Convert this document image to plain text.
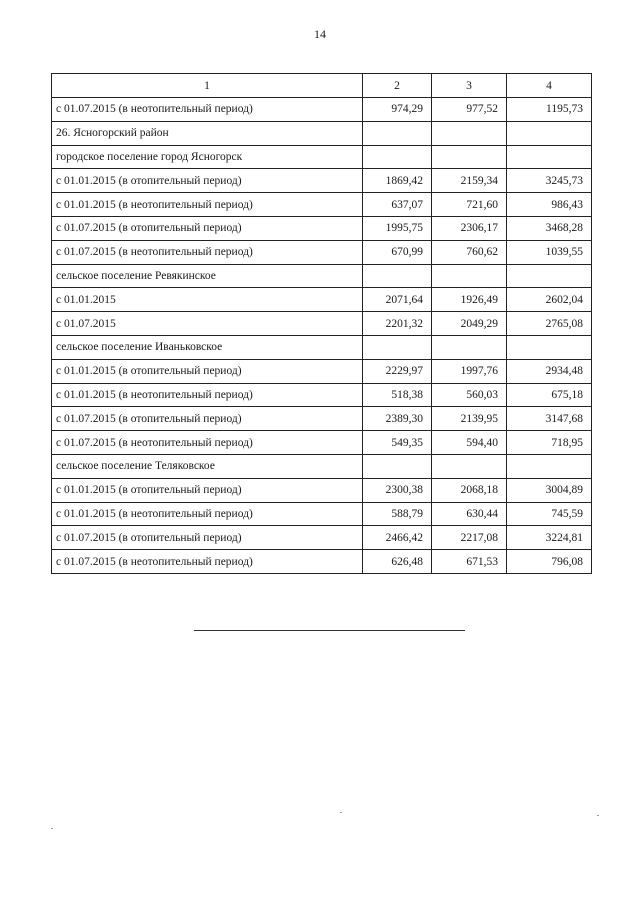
14
1	2	3	4
с 01.07.2015 (в неотопительный период)	974,29	977,52	1195,73
26. Ясногорский район			
городское поселение город Ясногорск			
с 01.01.2015 (в отопительный период)	1869,42	2159,34	3245,73
с 01.01.2015 (в неотопительный период)	637,07	721,60	986,43
с 01.07.2015 (в отопительный период)	1995,75	2306,17	3468,28
с 01.07.2015 (в неотопительный период)	670,99	760,62	1039,55
сельское поселение Ревякинское			
с 01.01.2015	2071,64	1926,49	2602,04
с 01.07.2015	2201,32	2049,29	2765,08
сельское поселение Иваньковское			
с 01.01.2015 (в отопительный период)	2229,97	1997,76	2934,48
с 01.01.2015 (в неотопительный период)	518,38	560,03	675,18
с 01.07.2015 (в отопительный период)	2389,30	2139,95	3147,68
с 01.07.2015 (в неотопительный период)	549,35	594,40	718,95
сельское поселение Теляковское			
с 01.01.2015 (в отопительный период)	2300,38	2068,18	3004,89
с 01.01.2015 (в неотопительный период)	588,79	630,44	745,59
с 01.07.2015 (в отопительный период)	2466,42	2217,08	3224,81
с 01.07.2015 (в неотопительный период)	626,48	671,53	796,08
